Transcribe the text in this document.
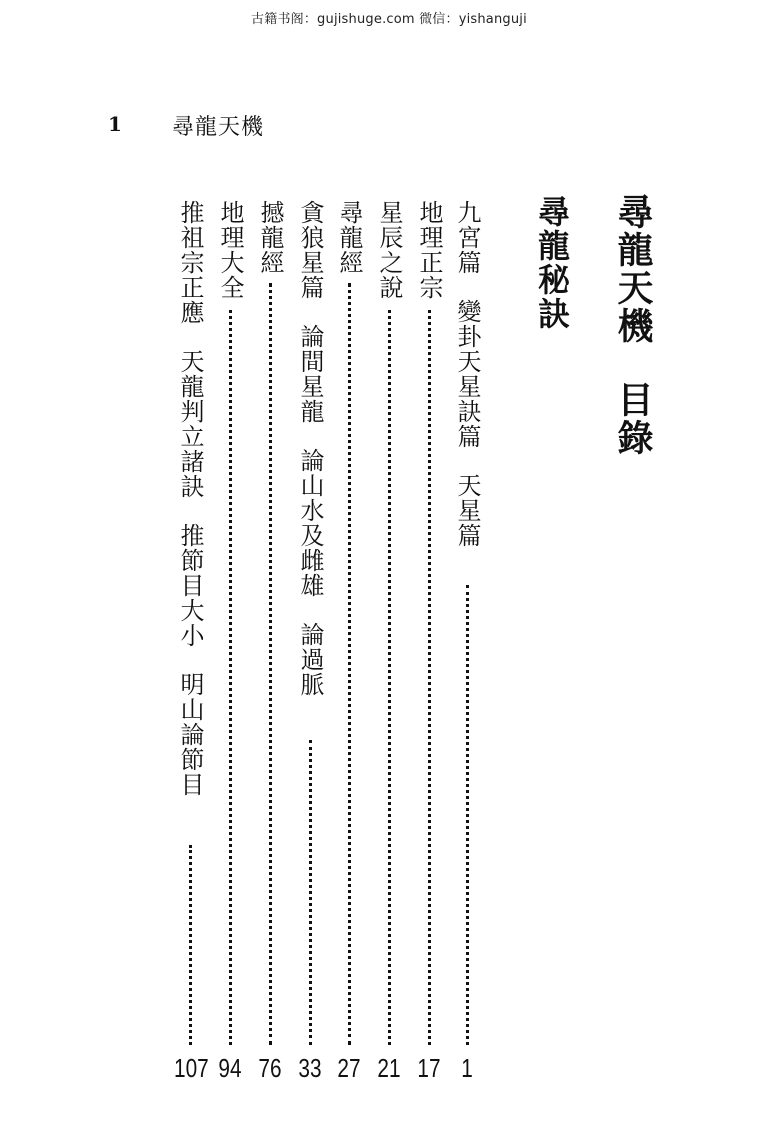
古籍书阁：gujishuge.com 微信：yishanguji
1 尋龍天機
尋龍天機目錄
尋龍秘訣
九宮篇變卦天星訣篇天星篇
1
地理正宗
17
星辰之說
21
尋龍經
27
貪狼星篇論間星龍論山水及雌雄論過脈
33
撼龍經
76
地理大全
94
推祖宗正應天龍判立諸訣推節目大小明山論節目
107
